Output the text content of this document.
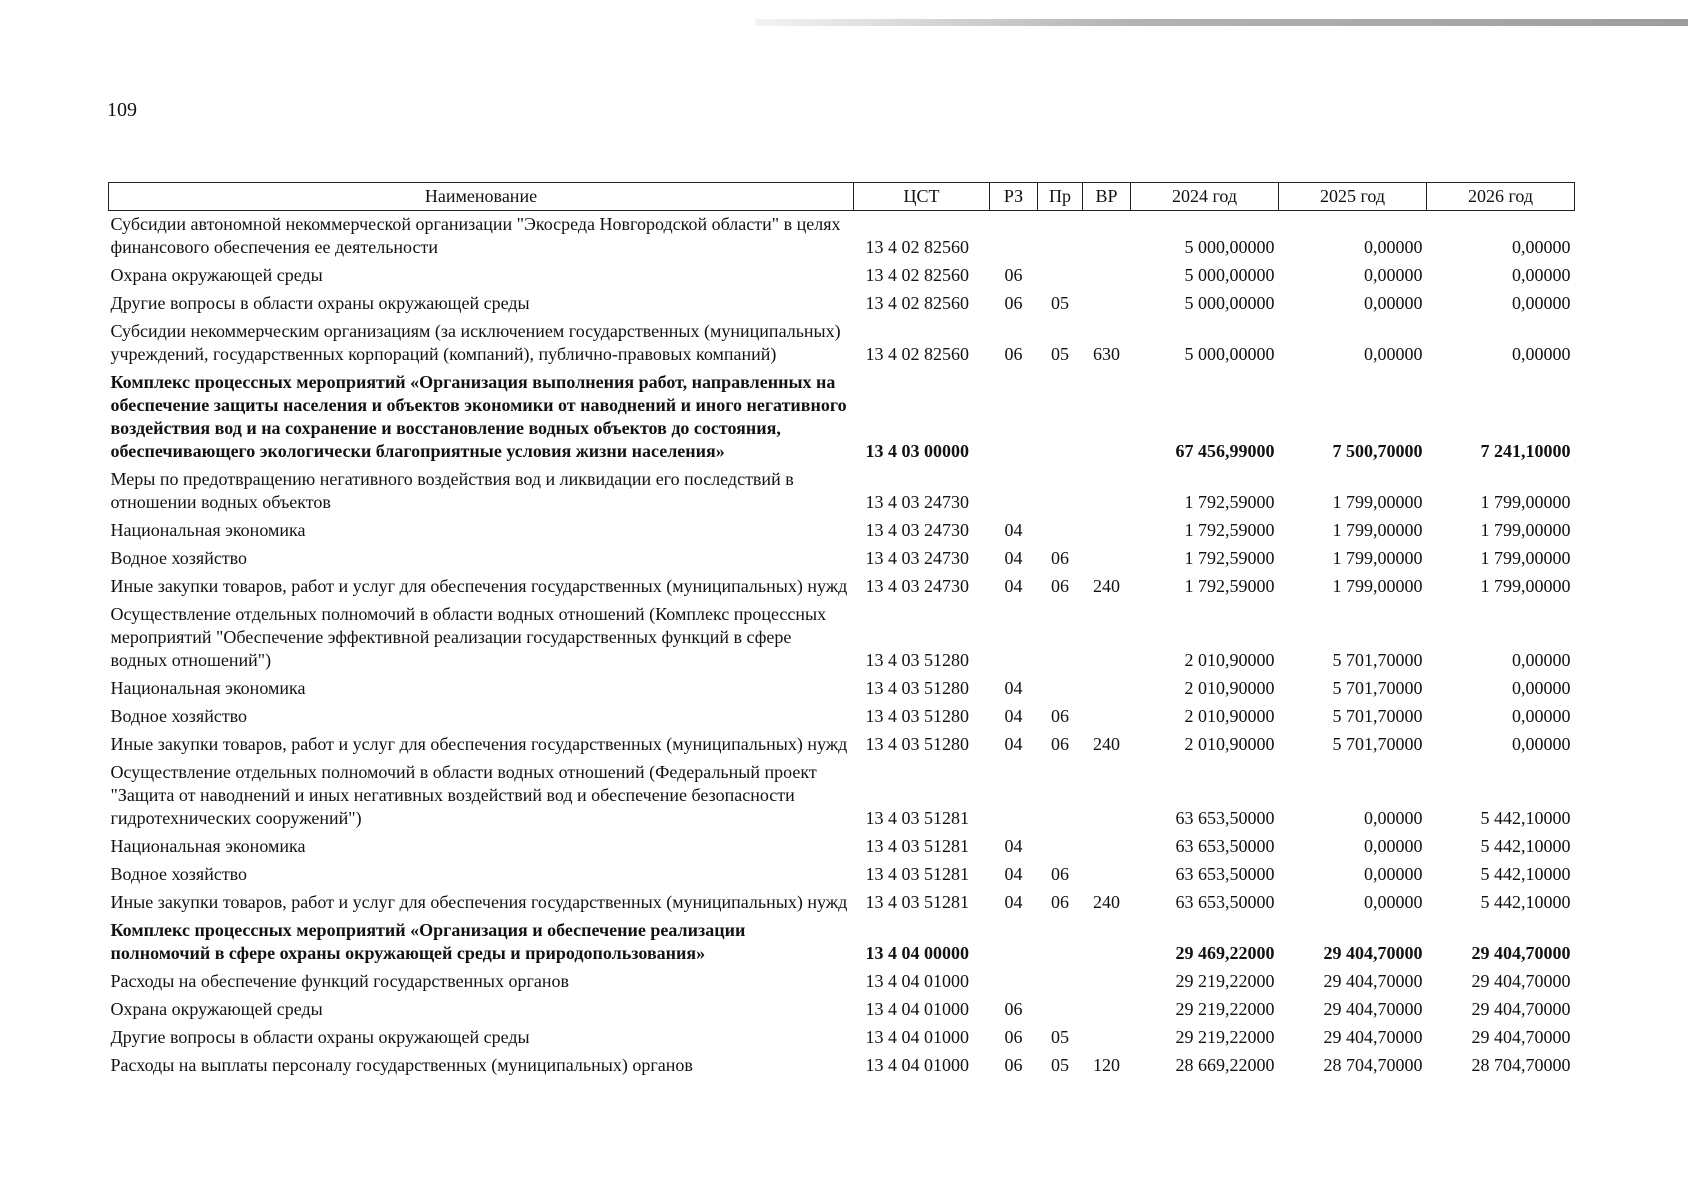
109
Наименование	ЦСТ	РЗ	Пр	ВР	2024 год	2025 год	2026 год
Субсидии автономной некоммерческой организации "Экосреда Новгородской области" в целях финансового обеспечения ее деятельности	13 4 02 82560				5 000,00000	0,00000	0,00000
Охрана окружающей среды	13 4 02 82560	06			5 000,00000	0,00000	0,00000
Другие вопросы в области охраны окружающей среды	13 4 02 82560	06	05		5 000,00000	0,00000	0,00000
Субсидии некоммерческим организациям (за исключением государственных (муниципальных) учреждений, государственных корпораций (компаний), публично-правовых компаний)	13 4 02 82560	06	05	630	5 000,00000	0,00000	0,00000
Комплекс процессных мероприятий «Организация выполнения работ, направленных на обеспечение защиты населения и объектов экономики от наводнений и иного негативного воздействия вод и на сохранение и восстановление водных объектов до состояния, обеспечивающего экологически благоприятные условия жизни населения»	13 4 03 00000				67 456,99000	7 500,70000	7 241,10000
Меры по предотвращению негативного воздействия вод и ликвидации его последствий в отношении водных объектов	13 4 03 24730				1 792,59000	1 799,00000	1 799,00000
Национальная экономика	13 4 03 24730	04			1 792,59000	1 799,00000	1 799,00000
Водное хозяйство	13 4 03 24730	04	06		1 792,59000	1 799,00000	1 799,00000
Иные закупки товаров, работ и услуг для обеспечения государственных (муниципальных) нужд	13 4 03 24730	04	06	240	1 792,59000	1 799,00000	1 799,00000
Осуществление отдельных полномочий в области водных отношений (Комплекс процессных мероприятий "Обеспечение эффективной реализации государственных функций в сфере водных отношений")	13 4 03 51280				2 010,90000	5 701,70000	0,00000
Национальная экономика	13 4 03 51280	04			2 010,90000	5 701,70000	0,00000
Водное хозяйство	13 4 03 51280	04	06		2 010,90000	5 701,70000	0,00000
Иные закупки товаров, работ и услуг для обеспечения государственных (муниципальных) нужд	13 4 03 51280	04	06	240	2 010,90000	5 701,70000	0,00000
Осуществление отдельных полномочий в области водных отношений (Федеральный проект "Защита от наводнений и иных негативных воздействий вод и обеспечение безопасности гидротехнических сооружений")	13 4 03 51281				63 653,50000	0,00000	5 442,10000
Национальная экономика	13 4 03 51281	04			63 653,50000	0,00000	5 442,10000
Водное хозяйство	13 4 03 51281	04	06		63 653,50000	0,00000	5 442,10000
Иные закупки товаров, работ и услуг для обеспечения государственных (муниципальных) нужд	13 4 03 51281	04	06	240	63 653,50000	0,00000	5 442,10000
Комплекс процессных мероприятий «Организация и обеспечение реализации полномочий в сфере охраны окружающей среды и природопользования»	13 4 04 00000				29 469,22000	29 404,70000	29 404,70000
Расходы на обеспечение функций государственных органов	13 4 04 01000				29 219,22000	29 404,70000	29 404,70000
Охрана окружающей среды	13 4 04 01000	06			29 219,22000	29 404,70000	29 404,70000
Другие вопросы в области охраны окружающей среды	13 4 04 01000	06	05		29 219,22000	29 404,70000	29 404,70000
Расходы на выплаты персоналу государственных (муниципальных) органов	13 4 04 01000	06	05	120	28 669,22000	28 704,70000	28 704,70000
